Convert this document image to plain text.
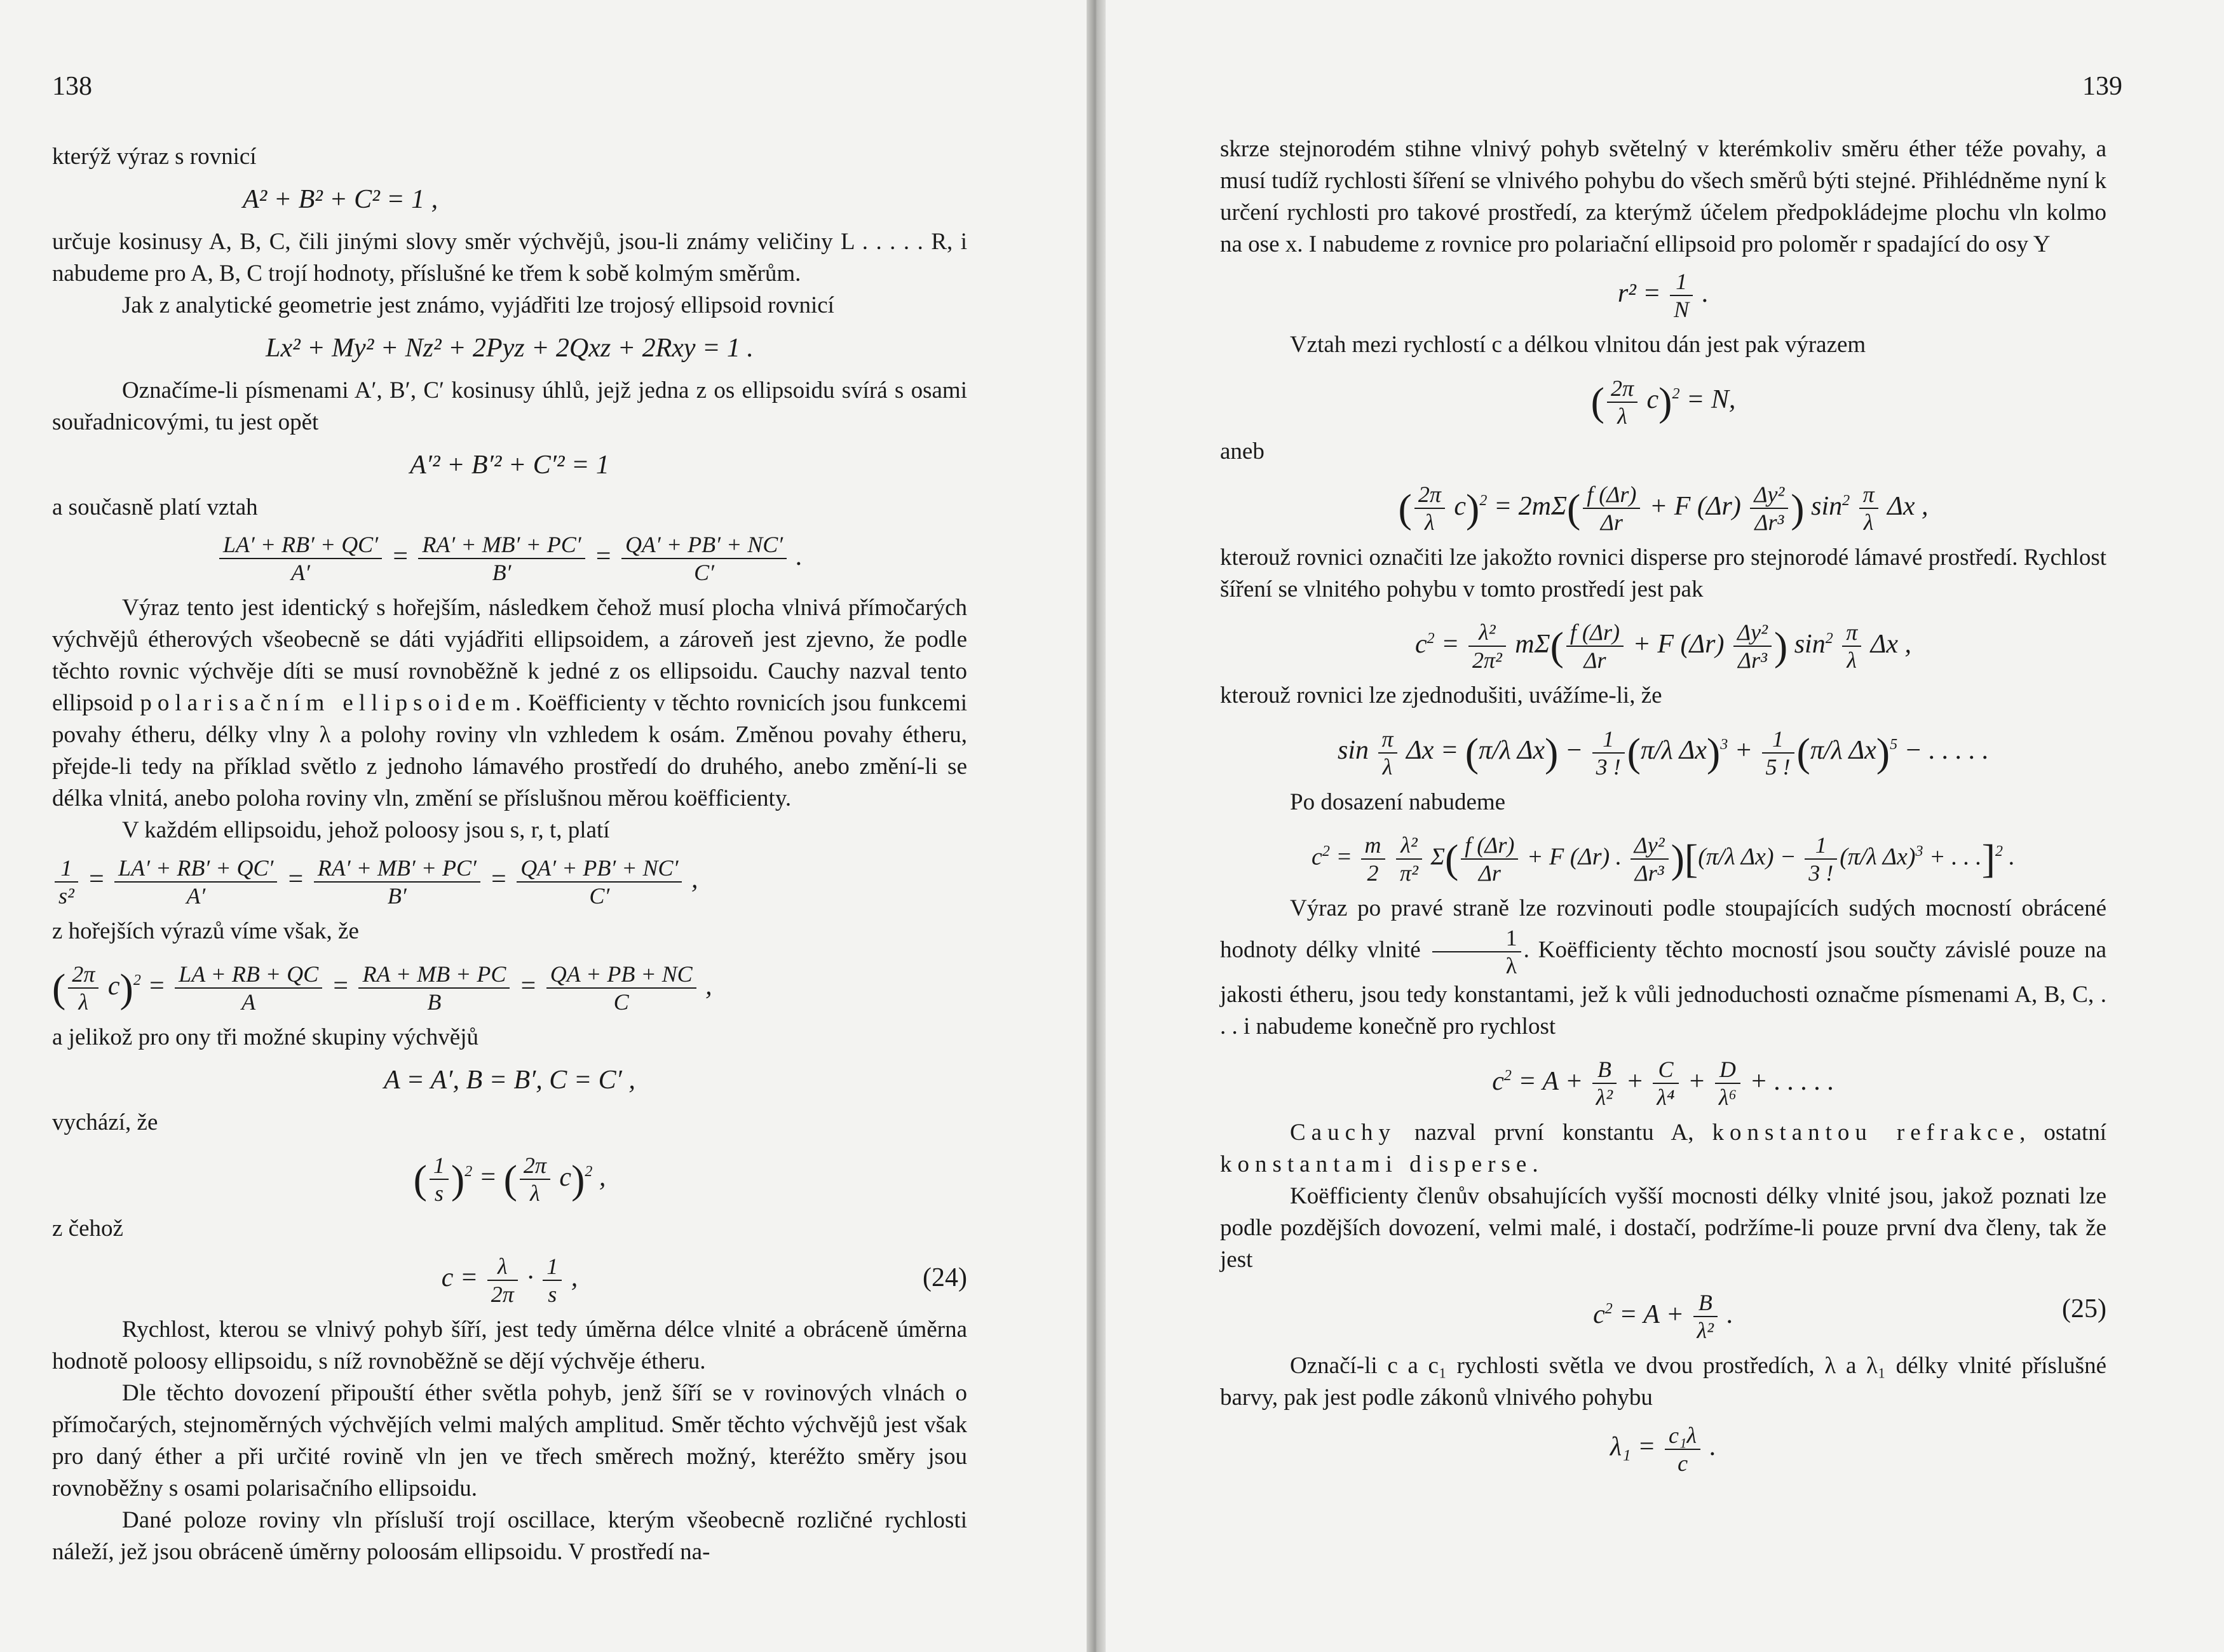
138

kterýž výraz s rovnicí

A² + B² + C² = 1 ,

určuje kosinusy A, B, C, čili jinými slovy směr výchvějů, jsou-li známy veličiny L . . . . . R, i nabudeme pro A, B, C trojí hodnoty, příslušné ke třem k sobě kolmým směrům.

Jak z analytické geometrie jest známo, vyjádřiti lze trojosý ellipsoid rovnicí

Lx² + My² + Nz² + 2Pyz + 2Qxz + 2Rxy = 1 .

Označíme-li písmenami A′, B′, C′ kosinusy úhlů, jejž jedna z os ellipsoidu svírá s osami souřadnicovými, tu jest opět

A′² + B′² + C′² = 1

a současně platí vztah

$\frac{LA' + RB' + QC'}{A'} = \frac{RA' + MB' + PC'}{B'} = \frac{QA' + PB' + NC'}{C'}$ .

Výraz tento jest identický s hořejším, následkem čehož musí plocha vlnivá přímočarých výchvějů étherových všeobecně se dáti vyjádřiti ellipsoidem, a zároveň jest zjevno, že podle těchto rovnic výchvěje díti se musí rovnoběžně k jedné z os ellipsoidu. Cauchy nazval tento ellipsoid polarisačním ellipsoidem. Koëfficienty v těchto rovnicích jsou funkcemi povahy étheru, délky vlny λ a polohy roviny vln vzhledem k osám. Změnou povahy étheru, přejde-li tedy na příklad světlo z jednoho lámavého prostředí do druhého, anebo změní-li se délka vlnitá, anebo poloha roviny vln, změní se příslušnou měrou koëfficienty.

V každém ellipsoidu, jehož poloosy jsou s, r, t, platí

$\frac{1}{\text{s²}} = \frac{LA' + RB' + QC'}{A'} = \frac{RA' + MB' + PC'}{B'} = \frac{QA' + PB' + NC'}{C'}$ ,

z hořejších výrazů víme však, že

( $\frac{2\pi}{\lambda} c)^2 = \frac{LA + RB + QC}{A} = \frac{RA + MB + PC}{B} = \frac{QA + PB + NC}{C}$ ,

a jelikož pro ony tři možné skupiny výchvějů

A = A′, B = B′, C = C′ ,

vychází, že

( $\frac{1}{s} )^2$ = ( $\frac{2\pi}{\lambda} c)^2$ ,

z čehož

$c = \frac{\lambda}{2\pi} \cdot \frac{1}{s}$ ,	(24)

Rychlost, kterou se vlnivý pohyb šíří, jest tedy úměrna délce vlnité a obráceně úměrna hodnotě poloosy ellipsoidu, s níž rovnoběžně se dějí výchvěje étheru.

Dle těchto dovození připouští éther světla pohyb, jenž šíří se v rovinových vlnách o přímočarých, stejnoměrných výchvějích velmi malých amplitud. Směr těchto výchvějů jest však pro daný éther a při určité rovině vln jen ve třech směrech možný, kteréžto směry jsou rovnoběžny s osami polarisačního ellipsoidu.

Dané poloze roviny vln přísluší trojí oscillace, kterým všeobecně rozličné rychlosti náleží, jež jsou obráceně úměrny poloosám ellipsoidu. V prostředí na-

139

skrze stejnorodém stihne vlnivý pohyb světelný v kterémkoliv směru éther téže povahy, a musí tudíž rychlosti šíření se vlnivého pohybu do všech směrů býti stejné. Přihlédněme nyní k určení rychlosti pro takové prostředí, za kterýmž účelem předpokládejme plochu vln kolmo na ose x. I nabudeme z rovnice pro polariační ellipsoid pro poloměr r spadající do osy Y

$r^2 = \frac{1}{N}$ .

Vztah mezi rychlostí c a délkou vlnitou dán jest pak výrazem

( $\frac{2\pi}{\lambda} c)^2 = N$,

aneb

( $\frac{2\pi}{\lambda} c)^2 = 2m\Sigma( \frac{f (\Delta r)}{\Delta r} + F$ $(\Delta r) \frac{\text{Δy²}}{\text{Δr³}}$ ) $\sin^2 \frac{\pi}{\lambda}$ Δx ,

kterouž rovnici označiti lze jakožto rovnici disperse pro stejnorodé lámavé prostředí. Rychlost šíření se vlnitého pohybu v tomto prostředí jest pak

$c^2 = \frac{\text{λ²}}{\text{2π²}} m\Sigma( \frac{f (\Delta r)}{\Delta r} + F$ $(\Delta r) \frac{\text{Δy²}}{\text{Δr³}}$ ) $\sin^2 \frac{\pi}{\lambda}$ Δx ,

kterouž rovnici lze zjednodušiti, uvážíme-li, že

$\sin \frac{\pi}{\lambda}$ Δx = (π/λ $\Delta x) - \frac{1}{3 !} (\pi/\lambda$ $\Delta x)^3 + \frac{1}{5 !} (\pi/\lambda$ Δx)$^5$ − . . . . .

Po dosazení nabudeme

$c^2 = \frac{m}{2}$
$\frac{\text{λ²}}{\text{π²}} \Sigma( \frac{f (\Delta r)}{\Delta r} + F$ (Δr) . $\frac{\text{Δy²}}{\text{Δr³}} )[(\pi/\lambda$ $\Delta x) - \frac{1}{3 !} (\pi/\lambda$ Δx)$^3$ + . . .]$^2$ .

Výraz po pravé straně lze rozvinouti podle stoupajících sudých mocností obrácené hodnoty délky vlnité $\frac{1}{\lambda}$ . Koëfficienty těchto mocností jsou součty závislé pouze na jakosti étheru, jsou tedy konstantami, jež k vůli jednoduchosti označme písmenami A, B, C, . . . i nabudeme konečně pro rychlost

$c^2 = A + \frac{B}{\text{λ²}} + \frac{C}{\text{λ⁴}} + \frac{D}{\text{λ⁶}}$ + . . . . .

Cauchy nazval první konstantu A, konstantou refrakce, ostatní konstantami disperse.

Koëfficienty členův obsahujících vyšší mocnosti délky vlnité jsou, jakož poznati lze podle pozdějších dovození, velmi malé, i dostačí, podržíme-li pouze první dva členy, tak že jest

$c^2 = A + \frac{B}{\text{λ²}}$ .	(25)

Označí-li c a c₁ rychlosti světla ve dvou prostředích, λ a λ₁ délky vlnité příslušné barvy, pak jest podle zákonů vlnivého pohybu

$\lambda_1 = \frac{\text{c₁λ}}{c}$ .
